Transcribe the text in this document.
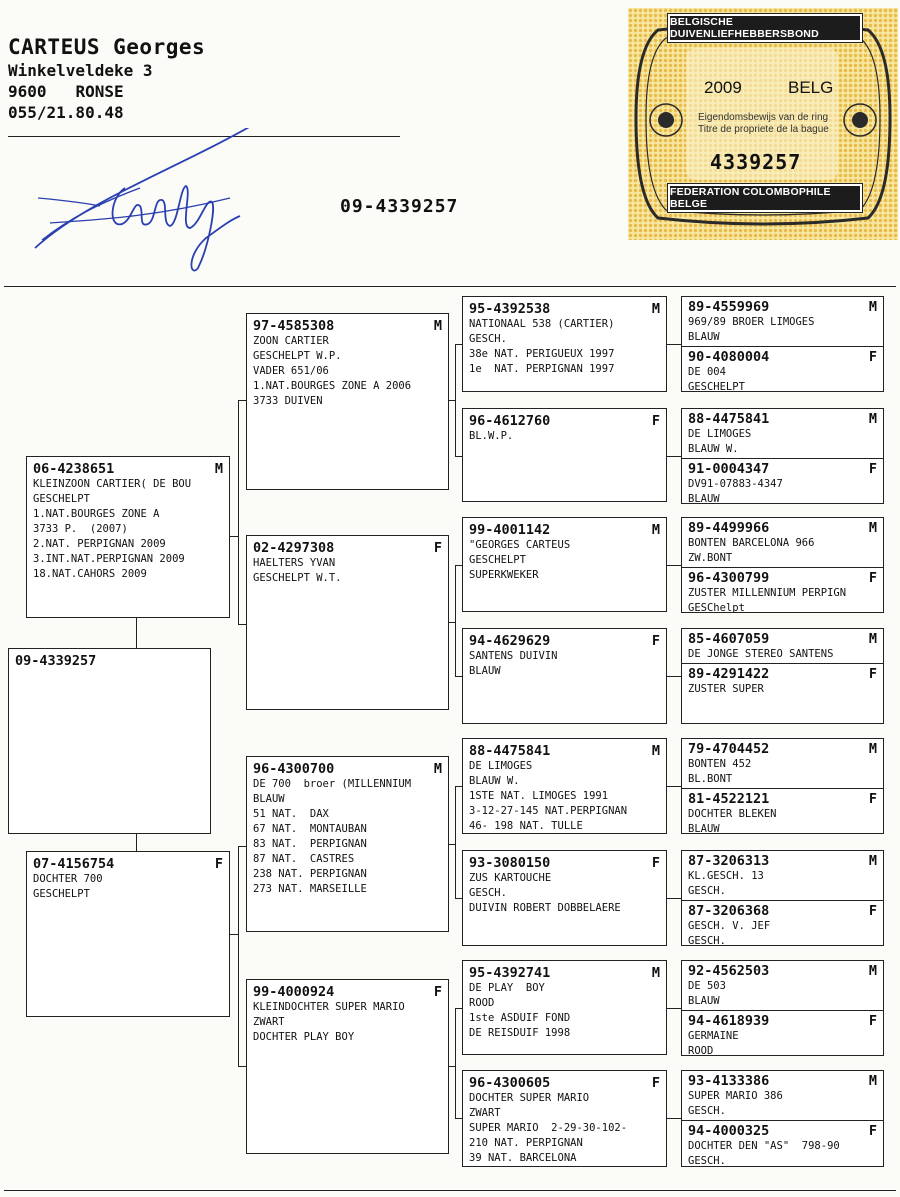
CARTEUS Georges
Winkelveldeke 3
9600 RONSE
055/21.80.48
09-4339257
BELGISCHE DUIVENLIEFHEBBERSBOND
2009	BELG
Eigendomsbewijs van de ring
Titre de propriete de la bague
4339257
FEDERATION COLOMBOPHILE BELGE
09-4339257
06-4238651	M
KLEINZOON CARTIER( DE BOU
GESCHELPT
1.NAT.BOURGES ZONE A
3733 P.  (2007)
2.NAT. PERPIGNAN 2009
3.INT.NAT.PERPIGNAN 2009
18.NAT.CAHORS 2009
07-4156754	F
DOCHTER 700
GESCHELPT
97-4585308	M
ZOON CARTIER
GESCHELPT W.P.
VADER 651/06
1.NAT.BOURGES ZONE A 2006
3733 DUIVEN
02-4297308	F
HAELTERS YVAN
GESCHELPT W.T.
96-4300700	M
DE 700  broer (MILLENNIUM
BLAUW
51 NAT.  DAX
67 NAT.  MONTAUBAN
83 NAT.  PERPIGNAN
87 NAT.  CASTRES
238 NAT. PERPIGNAN
273 NAT. MARSEILLE
99-4000924	F
KLEINDOCHTER SUPER MARIO
ZWART
DOCHTER PLAY BOY
95-4392538	M
NATIONAAL 538 (CARTIER)
GESCH.
38e NAT. PERIGUEUX 1997
1e  NAT. PERPIGNAN 1997
96-4612760	F
BL.W.P.
99-4001142	M
"GEORGES CARTEUS
GESCHELPT
SUPERKWEKER
94-4629629	F
SANTENS DUIVIN
BLAUW
88-4475841	M
DE LIMOGES
BLAUW W.
1STE NAT. LIMOGES 1991
3-12-27-145 NAT.PERPIGNAN
46- 198 NAT. TULLE
93-3080150	F
ZUS KARTOUCHE
GESCH.
DUIVIN ROBERT DOBBELAERE
95-4392741	M
DE PLAY  BOY
ROOD
1ste ASDUIF FOND
DE REISDUIF 1998
96-4300605	F
DOCHTER SUPER MARIO
ZWART
SUPER MARIO  2-29-30-102-
210 NAT. PERPIGNAN
39 NAT. BARCELONA
89-4559969	M
969/89 BROER LIMOGES
BLAUW
90-4080004	F
DE 004
GESCHELPT
88-4475841	M
DE LIMOGES
BLAUW W.
91-0004347	F
DV91-07883-4347
BLAUW
89-4499966	M
BONTEN BARCELONA 966
ZW.BONT
96-4300799	F
ZUSTER MILLENNIUM PERPIGN
GESChelpt
85-4607059	M
DE JONGE STEREO SANTENS
89-4291422	F
ZUSTER SUPER
79-4704452	M
BONTEN 452
BL.BONT
81-4522121	F
DOCHTER BLEKEN
BLAUW
87-3206313	M
KL.GESCH. 13
GESCH.
87-3206368	F
GESCH. V. JEF
GESCH.
92-4562503	M
DE 503
BLAUW
94-4618939	F
GERMAINE
ROOD
93-4133386	M
SUPER MARIO 386
GESCH.
94-4000325	F
DOCHTER DEN "AS"  798-90
GESCH.
